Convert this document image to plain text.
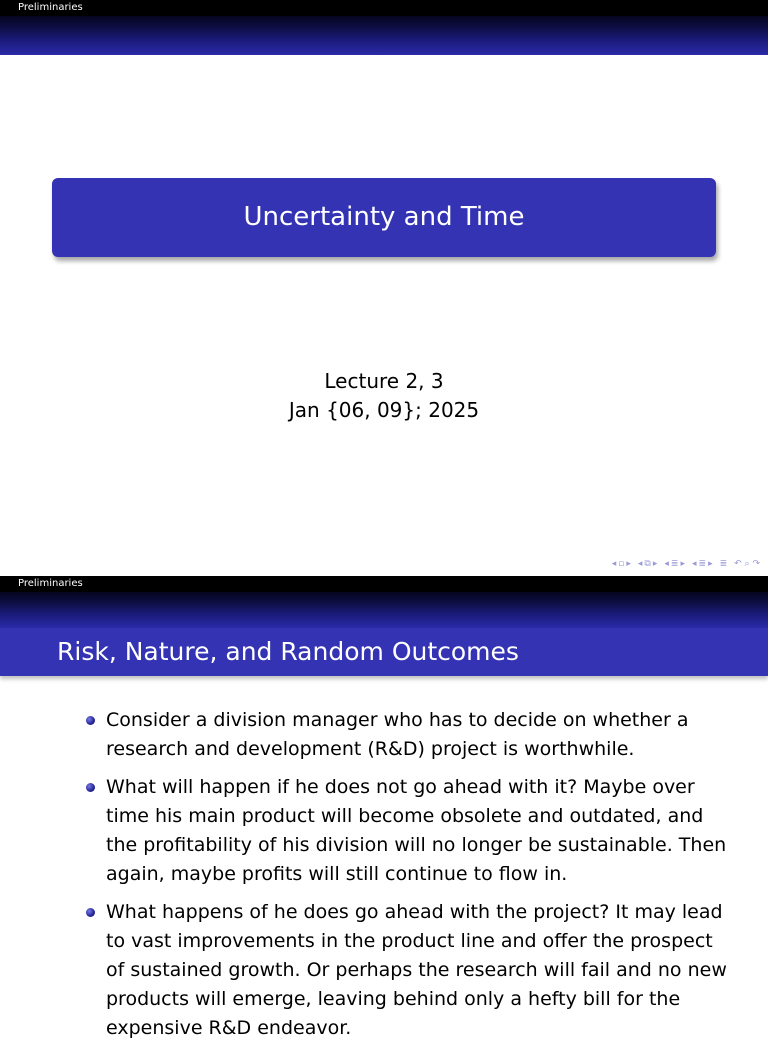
Preliminaries
Uncertainty and Time
Lecture 2, 3
Jan {06, 09}; 2025
◂ ▫ ▸ ◂ ⧉ ▸ ◂ ≣ ▸ ◂ ≣ ▸ ≣ ↶ ⌕ ↷
Preliminaries
Risk, Nature, and Random Outcomes
Consider a division manager who has to decide on whether a research and development (R&D) project is worthwhile.
What will happen if he does not go ahead with it? Maybe over time his main product will become obsolete and outdated, and the profitability of his division will no longer be sustainable. Then again, maybe profits will still continue to flow in.
What happens of he does go ahead with the project? It may lead to vast improvements in the product line and offer the prospect of sustained growth. Or perhaps the research will fail and no new products will emerge, leaving behind only a hefty bill for the expensive R&D endeavor.
